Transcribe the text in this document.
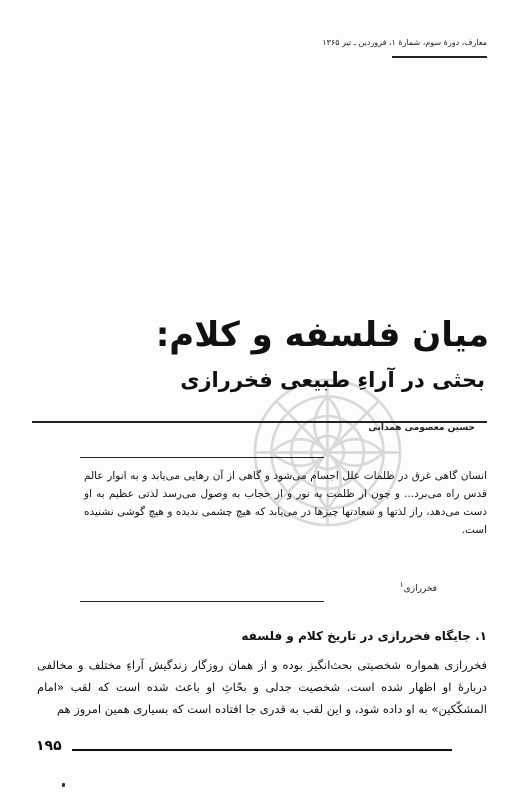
معارف، دورهٔ سوم، شمارهٔ ۱، فروردین ـ تیر ۱۳۶۵
میان فلسفه و کلام:
بحثی در آراءِ طبیعی فخررازی
حسین معصومی همدانی

انسان گاهی غرق در ظلمات علل اجسام می‌شود و گاهی از آن رهایی می‌یابد و به انوار عالم قدس راه می‌برد... و چون از ظلمت به نور و از حجاب به وصول می‌رسد لذتی عظیم به او دست می‌دهد، راز لذتها و سعادتها چیزها در می‌یابد که هیچ چشمی ندیده و هیچ گوشی نشنیده است.

فخررازی$^۱$
۱. جایگاه فخررازی در تاریخ کلام و فلسفه

فخررازی همواره شخصیتی بحث‌انگیز بوده و از همان روزگار زندگیش آراءِ مختلف و مخالفی دربارهٔ او اظهار شده است. شخصیت جدلی و بحّاثِ او باعث شده است که لقب «امام المشکّکین» به او داده شود، و این لقب به قدری جا افتاده است که بسیاری همین امروز هم

۱۹۵
